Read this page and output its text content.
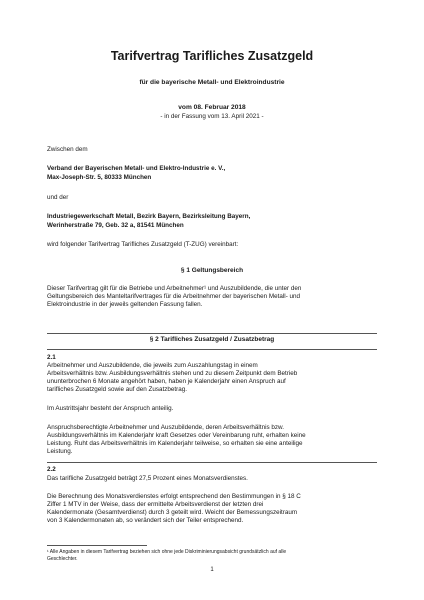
Tarifvertrag Tarifliches Zusatzgeld
für die bayerische Metall- und Elektroindustrie
vom 08. Februar 2018
- in der Fassung vom 13. April 2021 -
Zwischen dem
Verband der Bayerischen Metall- und Elektro-Industrie e. V.,
Max-Joseph-Str. 5, 80333 München
und der
Industriegewerkschaft Metall, Bezirk Bayern, Bezirksleitung Bayern,
Werinherstraße 79, Geb. 32 a, 81541 München
wird folgender Tarifvertrag Tarifliches Zusatzgeld (T-ZUG) vereinbart:
§ 1 Geltungsbereich
Dieser Tarifvertrag gilt für die Betriebe und Arbeitnehmer¹ und Auszubildende, die unter den
Geltungsbereich des Manteltarifvertrages für die Arbeitnehmer der bayerischen Metall- und
Elektroindustrie in der jeweils geltenden Fassung fallen.
§ 2 Tarifliches Zusatzgeld / Zusatzbetrag
2.1
Arbeitnehmer und Auszubildende, die jeweils zum Auszahlungstag in einem
Arbeitsverhältnis bzw. Ausbildungsverhältnis stehen und zu diesem Zeitpunkt dem Betrieb
ununterbrochen 6 Monate angehört haben, haben je Kalenderjahr einen Anspruch auf
tarifliches Zusatzgeld sowie auf den Zusatzbetrag.
Im Austrittsjahr besteht der Anspruch anteilig.
Anspruchsberechtigte Arbeitnehmer und Auszubildende, deren Arbeitsverhältnis bzw.
Ausbildungsverhältnis im Kalenderjahr kraft Gesetzes oder Vereinbarung ruht, erhalten keine
Leistung. Ruht das Arbeitsverhältnis im Kalenderjahr teilweise, so erhalten sie eine anteilige
Leistung.
2.2
Das tarifliche Zusatzgeld beträgt 27,5 Prozent eines Monatsverdienstes.
Die Berechnung des Monatsverdienstes erfolgt entsprechend den Bestimmungen in § 18 C
Ziffer 1 MTV in der Weise, dass der ermittelte Arbeitsverdienst der letzten drei
Kalendermonate (Gesamtverdienst) durch 3 geteilt wird. Weicht der Bemessungszeitraum
von 3 Kalendermonaten ab, so verändert sich der Teiler entsprechend.
¹ Alle Angaben in diesem Tarifvertrag beziehen sich ohne jede Diskriminierungsabsicht grundsätzlich auf alle
Geschlechter.
1
